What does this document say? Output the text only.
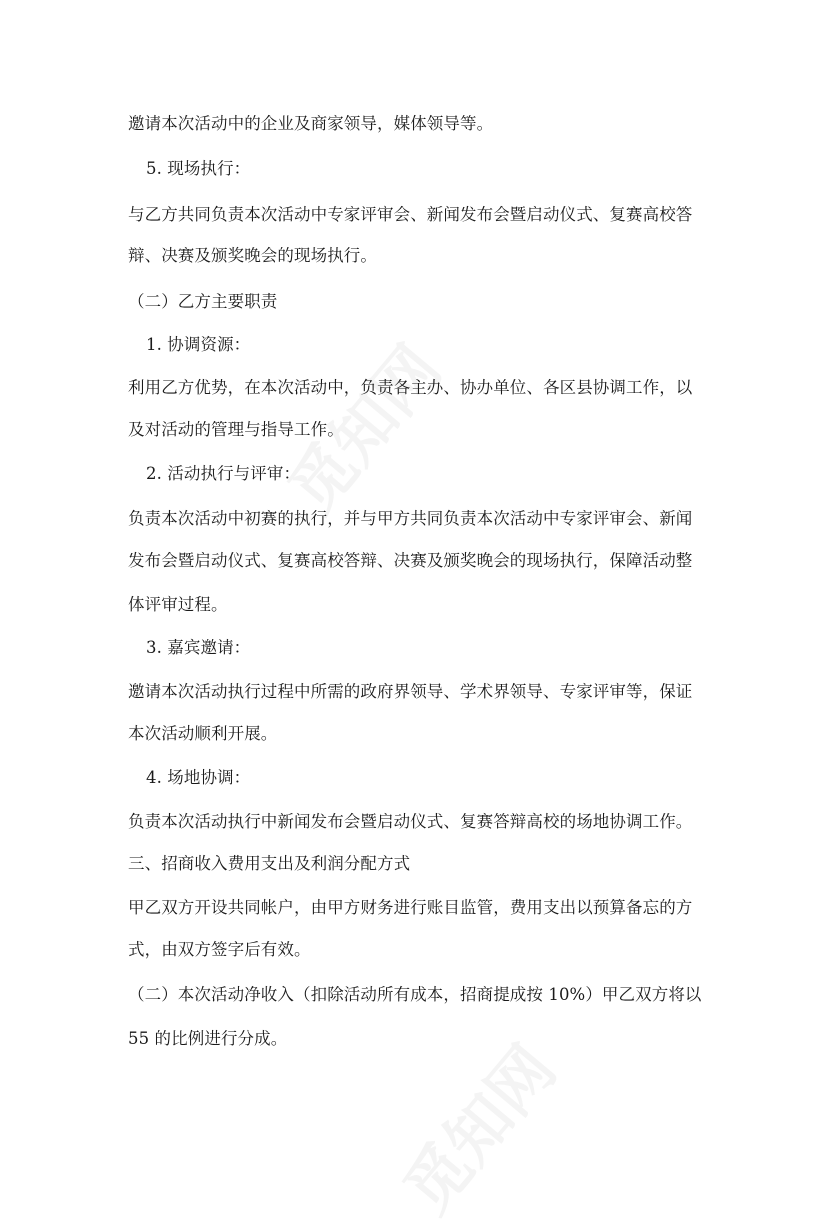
邀请本次活动中的企业及商家领导，媒体领导等。
5. 现场执行：
与乙方共同负责本次活动中专家评审会、新闻发布会暨启动仪式、复赛高校答
辩、决赛及颁奖晚会的现场执行。
（二）乙方主要职责
1. 协调资源：
利用乙方优势，在本次活动中，负责各主办、协办单位、各区县协调工作，以
及对活动的管理与指导工作。
2. 活动执行与评审：
负责本次活动中初赛的执行，并与甲方共同负责本次活动中专家评审会、新闻
发布会暨启动仪式、复赛高校答辩、决赛及颁奖晚会的现场执行，保障活动整
体评审过程。
3. 嘉宾邀请：
邀请本次活动执行过程中所需的政府界领导、学术界领导、专家评审等，保证
本次活动顺利开展。
4. 场地协调：
负责本次活动执行中新闻发布会暨启动仪式、复赛答辩高校的场地协调工作。
三、招商收入费用支出及利润分配方式
甲乙双方开设共同帐户，由甲方财务进行账目监管，费用支出以预算备忘的方
式，由双方签字后有效。
（二）本次活动净收入（扣除活动所有成本，招商提成按 10%）甲乙双方将以
55 的比例进行分成。
